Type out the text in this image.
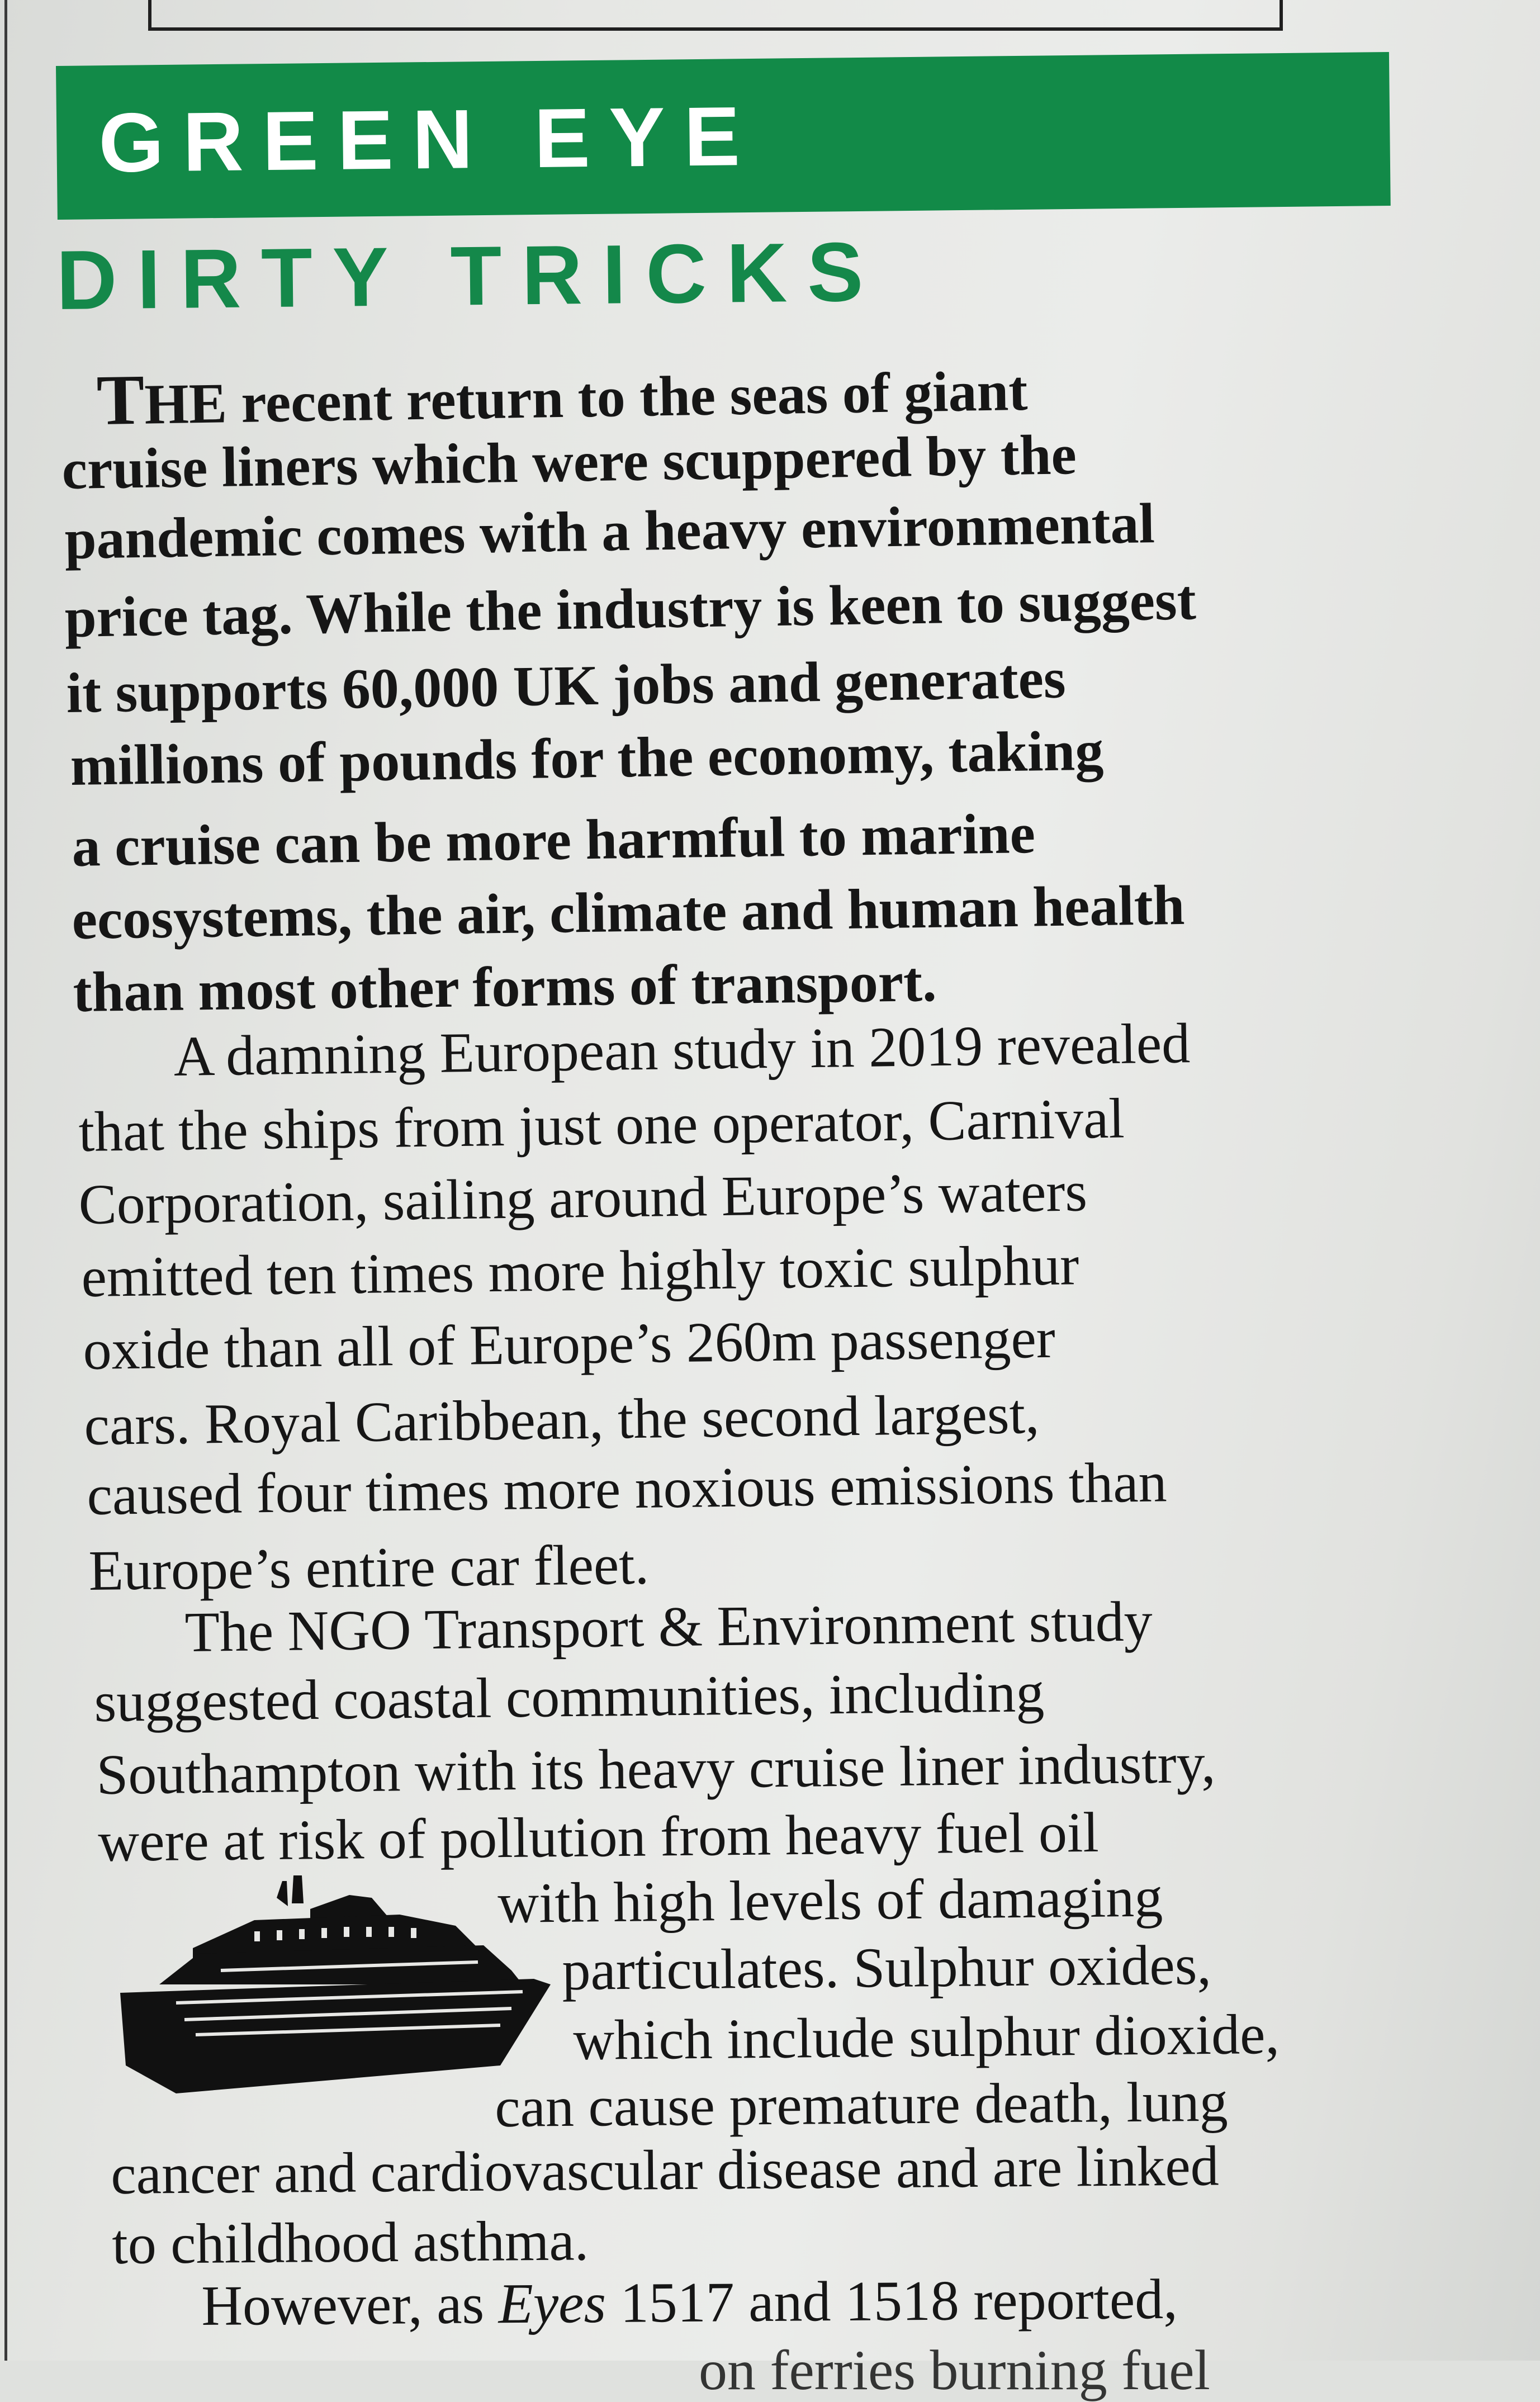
GREEN EYE
DIRTY TRICKS
THE recent return to the seas of giant
cruise liners which were scuppered by the
pandemic comes with a heavy environmental
price tag. While the industry is keen to suggest
it supports 60,000 UK jobs and generates
millions of pounds for the economy, taking
a cruise can be more harmful to marine
ecosystems, the air, climate and human health
than most other forms of transport.
A damning European study in 2019 revealed
that the ships from just one operator, Carnival
Corporation, sailing around Europe’s waters
emitted ten times more highly toxic sulphur
oxide than all of Europe’s 260m passenger
cars. Royal Caribbean, the second largest,
caused four times more noxious emissions than
Europe’s entire car fleet.
The NGO Transport & Environment study
suggested coastal communities, including
Southampton with its heavy cruise liner industry,
were at risk of pollution from heavy fuel oil
with high levels of damaging
particulates. Sulphur oxides,
which include sulphur dioxide,
can cause premature death, lung
cancer and cardiovascular disease and are linked
to childhood asthma.
However, as Eyes 1517 and 1518 reported,
on ferries burning fuel
